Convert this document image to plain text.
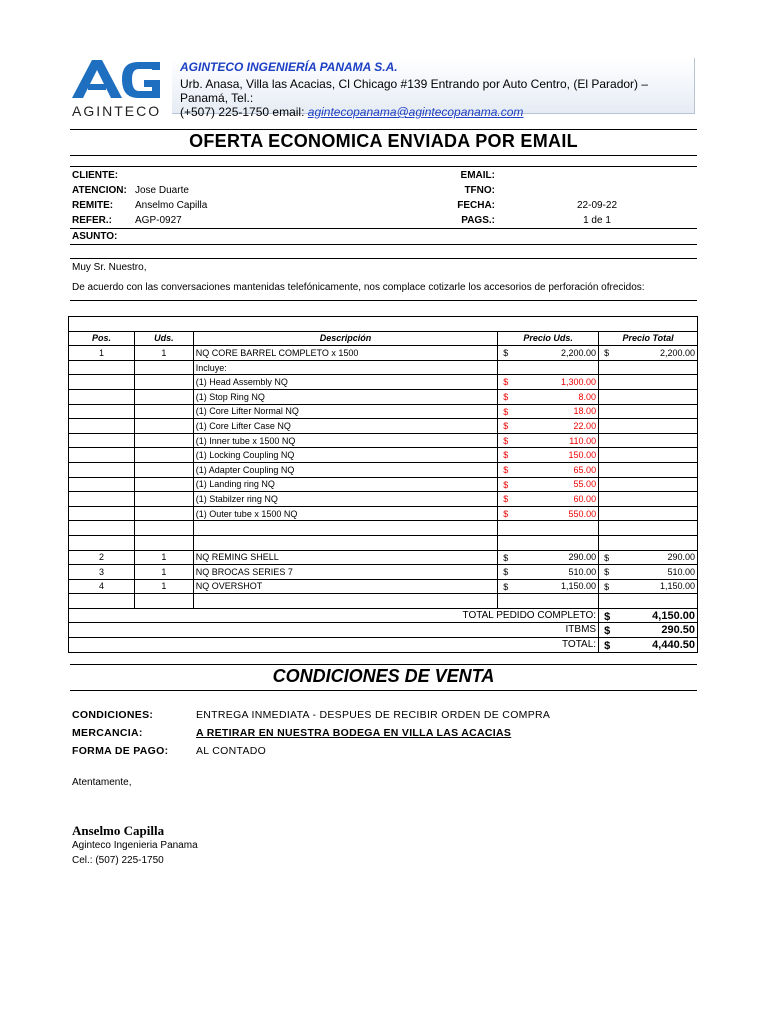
AGINTECO
AGINTECO INGENIERÍA PANAMA S.A.
Urb. Anasa, Villa las Acacias, Cl Chicago #139 Entrando por Auto Centro, (El Parador) – Panamá, Tel.:
(+507) 225-1750 email: agintecopanama@agintecopanama.com
OFERTA ECONOMICA ENVIADA POR EMAIL
CLIENTE:
ATENCION: Jose Duarte
REMITE: Anselmo Capilla
REFER.: AGP-0927
EMAIL:
TFNO:
FECHA:	22-09-22
PAGS.:	1 de 1
ASUNTO:
Muy Sr. Nuestro,
De acuerdo con las conversaciones mantenidas telefónicamente, nos complace cotizarle los accesorios de perforación ofrecidos:

Pos.	Uds.	Descripción	Precio Uds.	Precio Total
1	1	NQ CORE BARREL COMPLETO x 1500	$ 2,200.00	$ 2,200.00
		Incluye:		
		(1) Head Assembly NQ	$ 1,300.00	
		(1) Stop Ring NQ	$ 8.00	
		(1) Core Lifter Normal NQ	$ 18.00	
		(1) Core Lifter Case NQ	$ 22.00	
		(1) Inner tube x 1500 NQ	$ 110.00	
		(1) Locking Coupling NQ	$ 150.00	
		(1) Adapter Coupling NQ	$ 65.00	
		(1) Landing ring NQ	$ 55.00	
		(1) Stabilzer ring NQ	$ 60.00	
		(1) Outer tube x 1500 NQ	$ 550.00	

2	1	NQ REMING SHELL	$ 290.00	$ 290.00
3	1	NQ BROCAS SERIES 7	$ 510.00	$ 510.00
4	1	NQ OVERSHOT	$ 1,150.00	$ 1,150.00

TOTAL PEDIDO COMPLETO:				$ 4,150.00
ITBMS				$ 290.50
TOTAL:				$ 4,440.50
CONDICIONES DE VENTA
CONDICIONES:	ENTREGA INMEDIATA - DESPUES DE RECIBIR ORDEN DE COMPRA
MERCANCIA:	A RETIRAR EN NUESTRA BODEGA EN VILLA LAS ACACIAS
FORMA DE PAGO:	AL CONTADO
Atentamente,
Anselmo Capilla
Aginteco Ingenieria Panama
Cel.: (507) 225-1750
